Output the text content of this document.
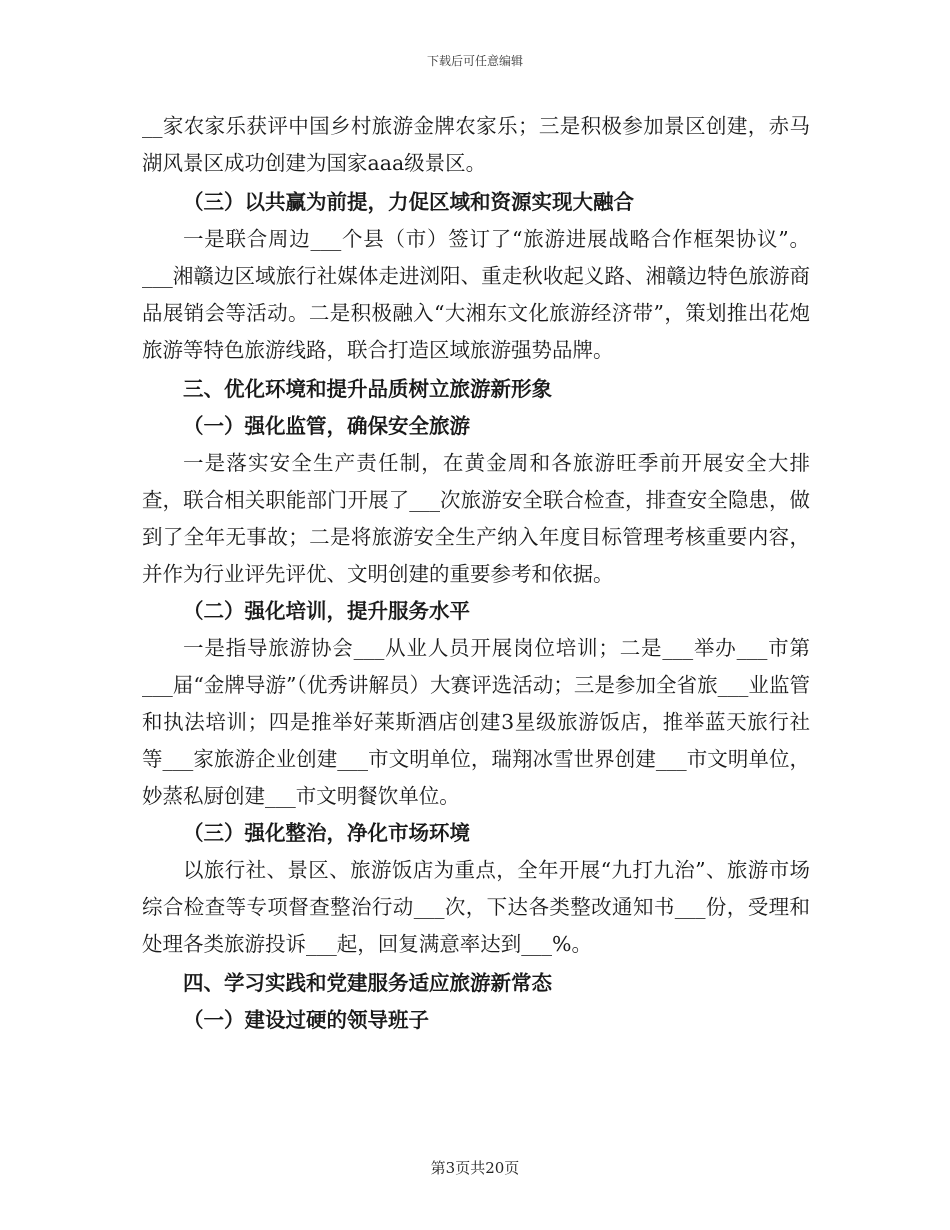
下载后可任意编辑

__家农家乐获评中国乡村旅游金牌农家乐；三是积极参加景区创建，赤马湖风景区成功创建为国家aaa级景区。

（三）以共赢为前提，力促区域和资源实现大融合

一是联合周边___个县（市）签订了“旅游进展战略合作框架协议”。___湘赣边区域旅行社媒体走进浏阳、重走秋收起义路、湘赣边特色旅游商品展销会等活动。二是积极融入“大湘东文化旅游经济带”，策划推出花炮旅游等特色旅游线路，联合打造区域旅游强势品牌。

三、优化环境和提升品质树立旅游新形象

（一）强化监管，确保安全旅游

一是落实安全生产责任制，在黄金周和各旅游旺季前开展安全大排查，联合相关职能部门开展了___次旅游安全联合检查，排查安全隐患，做到了全年无事故；二是将旅游安全生产纳入年度目标管理考核重要内容，并作为行业评先评优、文明创建的重要参考和依据。

（二）强化培训，提升服务水平

一是指导旅游协会___从业人员开展岗位培训；二是___举办___市第___届“金牌导游”（优秀讲解员）大赛评选活动；三是参加全省旅___业监管和执法培训；四是推举好莱斯酒店创建3星级旅游饭店，推举蓝天旅行社等___家旅游企业创建___市文明单位，瑞翔冰雪世界创建___市文明单位，妙蒸私厨创建___市文明餐饮单位。

（三）强化整治，净化市场环境

以旅行社、景区、旅游饭店为重点，全年开展“九打九治”、旅游市场综合检查等专项督查整治行动___次，下达各类整改通知书___份，受理和处理各类旅游投诉___起，回复满意率达到___%。

四、学习实践和党建服务适应旅游新常态

（一）建设过硬的领导班子

第3页共20页
